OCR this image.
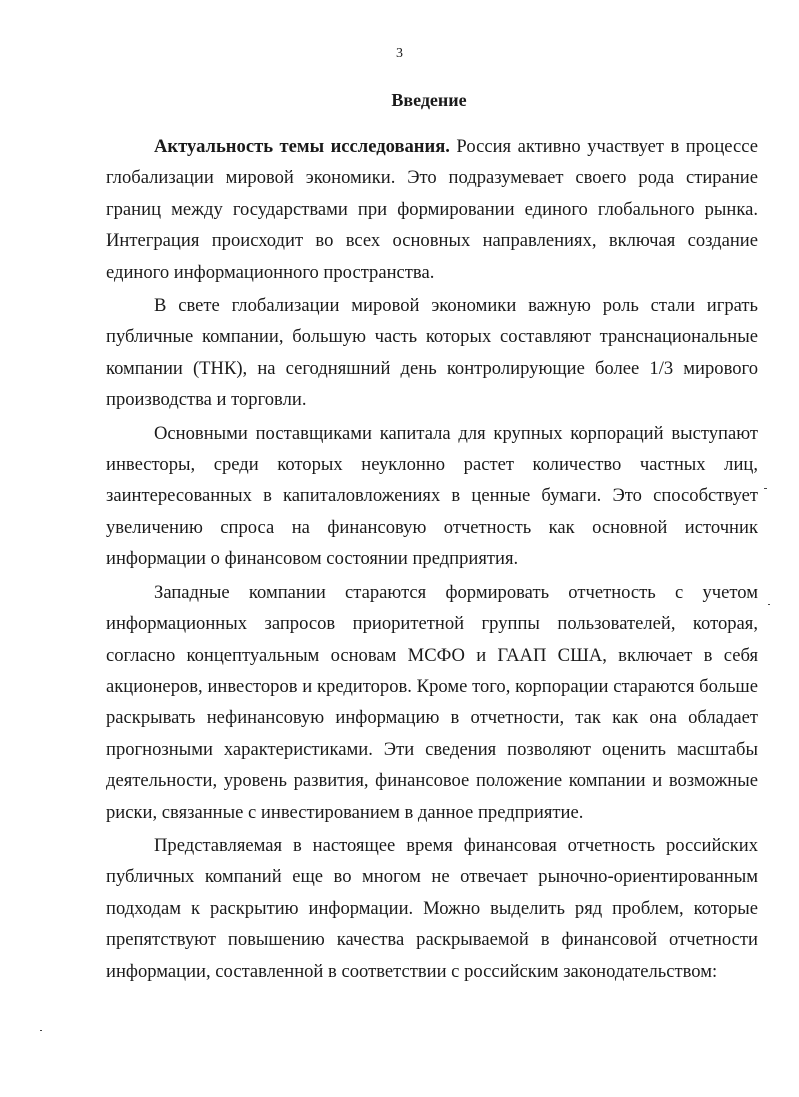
3
Введение

Актуальность темы исследования. Россия активно участвует в процессе глобализации мировой экономики. Это подразумевает своего рода стирание границ между государствами при формировании единого глобального рынка. Интеграция происходит во всех основных направлениях, включая создание единого информационного пространства.

В свете глобализации мировой экономики важную роль стали играть публичные компании, большую часть которых составляют транснациональные компании (ТНК), на сегодняшний день контролирующие более 1/3 мирового производства и торговли.

Основными поставщиками капитала для крупных корпораций выступают инвесторы, среди которых неуклонно растет количество частных лиц, заинтересованных в капиталовложениях в ценные бумаги. Это способствует увеличению спроса на финансовую отчетность как основной источник информации о финансовом состоянии предприятия.

Западные компании стараются формировать отчетность с учетом информационных запросов приоритетной группы пользователей, которая, согласно концептуальным основам МСФО и ГААП США, включает в себя акционеров, инвесторов и кредиторов. Кроме того, корпорации стараются больше раскрывать нефинансовую информацию в отчетности, так как она обладает прогнозными характеристиками. Эти сведения позволяют оценить масштабы деятельности, уровень развития, финансовое положение компании и возможные риски, связанные с инвестированием в данное предприятие.

Представляемая в настоящее время финансовая отчетность российских публичных компаний еще во многом не отвечает рыночно-ориентированным подходам к раскрытию информации. Можно выделить ряд проблем, которые препятствуют повышению качества раскрываемой в финансовой отчетности информации, составленной в соответствии с российским законодательством:
